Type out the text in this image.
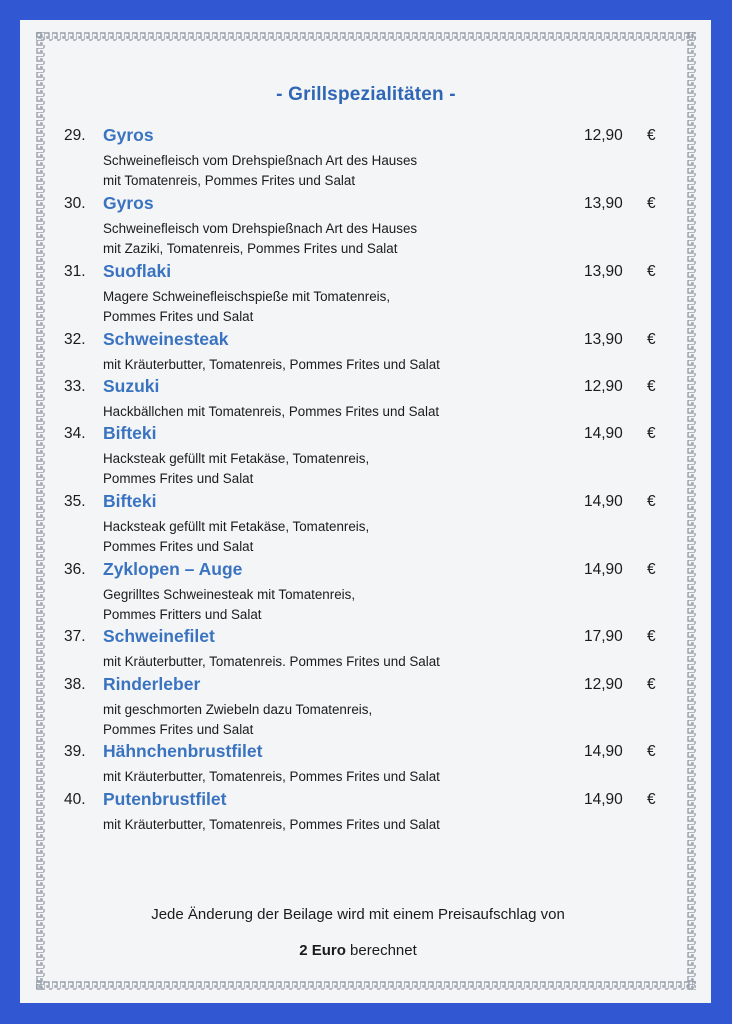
- Grillspezialitäten -
29. Gyros
Schweinefleisch vom Drehspießnach Art des Hauses
mit Tomatenreis, Pommes Frites und Salat
12,90 €
30. Gyros
Schweinefleisch vom Drehspießnach Art des Hauses
mit Zaziki, Tomatenreis, Pommes Frites und Salat
13,90 €
31. Suoflaki
Magere Schweinefleischspieße mit Tomatenreis,
Pommes Frites und Salat
13,90 €
32. Schweinesteak
mit Kräuterbutter, Tomatenreis, Pommes Frites und Salat
13,90 €
33. Suzuki
Hackbällchen mit Tomatenreis, Pommes Frites und Salat
12,90 €
34. Bifteki
Hacksteak gefüllt mit Fetakäse, Tomatenreis,
Pommes Frites und Salat
14,90 €
35. Bifteki
Hacksteak gefüllt mit Fetakäse, Tomatenreis,
Pommes Frites und Salat
14,90 €
36. Zyklopen – Auge
Gegrilltes Schweinesteak mit Tomatenreis,
Pommes Fritters und Salat
14,90 €
37. Schweinefilet
mit Kräuterbutter, Tomatenreis. Pommes Frites und Salat
17,90 €
38. Rinderleber
mit geschmorten Zwiebeln dazu Tomatenreis,
Pommes Frites und Salat
12,90 €
39. Hähnchenbrustfilet
mit Kräuterbutter, Tomatenreis, Pommes Frites und Salat
14,90 €
40. Putenbrustfilet
mit Kräuterbutter, Tomatenreis, Pommes Frites und Salat
14,90 €
Jede Änderung der Beilage wird mit einem Preisaufschlag von
2 Euro berechnet
